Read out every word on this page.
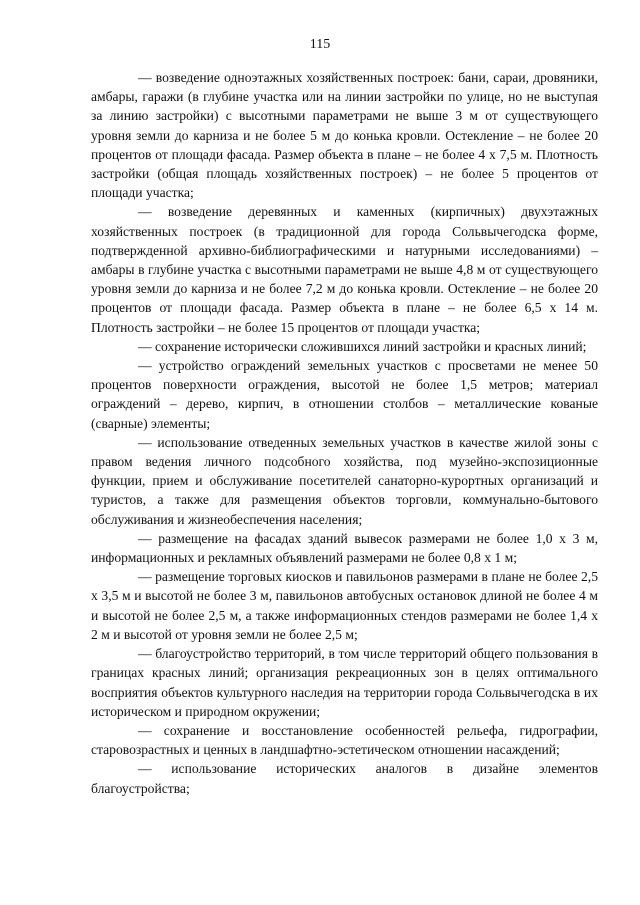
115

— возведение одноэтажных хозяйственных построек: бани, сараи, дровяники, амбары, гаражи (в глубине участка или на линии застройки по улице, но не выступая за линию застройки) с высотными параметрами не выше 3 м от существующего уровня земли до карниза и не более 5 м до конька кровли. Остекление – не более 20 процентов от площади фасада. Размер объекта в плане – не более 4 х 7,5 м. Плотность застройки (общая площадь хозяйственных построек) – не более 5 процентов от площади участка;

— возведение деревянных и каменных (кирпичных) двухэтажных хозяйственных построек (в традиционной для города Сольвычегодска форме, подтвержденной архивно-библиографическими и натурными исследованиями) – амбары в глубине участка с высотными параметрами не выше 4,8 м от существующего уровня земли до карниза и не более 7,2 м до конька кровли. Остекление – не более 20 процентов от площади фасада. Размер объекта в плане – не более 6,5 х 14 м. Плотность застройки – не более 15 процентов от площади участка;

— сохранение исторически сложившихся линий застройки и красных линий;

— устройство ограждений земельных участков с просветами не менее 50 процентов поверхности ограждения, высотой не более 1,5 метров; материал ограждений – дерево, кирпич, в отношении столбов – металлические кованые (сварные) элементы;

— использование отведенных земельных участков в качестве жилой зоны с правом ведения личного подсобного хозяйства, под музейно-экспозиционные функции, прием и обслуживание посетителей санаторно-курортных организаций и туристов, а также для размещения объектов торговли, коммунально-бытового обслуживания и жизнеобеспечения населения;

— размещение на фасадах зданий вывесок размерами не более 1,0 х 3 м, информационных и рекламных объявлений размерами не более 0,8 х 1 м;

— размещение торговых киосков и павильонов размерами в плане не более 2,5 х 3,5 м и высотой не более 3 м, павильонов автобусных остановок длиной не более 4 м и высотой не более 2,5 м, а также информационных стендов размерами не более 1,4 х 2 м и высотой от уровня земли не более 2,5 м;

— благоустройство территорий, в том числе территорий общего пользования в границах красных линий; организация рекреационных зон в целях оптимального восприятия объектов культурного наследия на территории города Сольвычегодска в их историческом и природном окружении;

— сохранение и восстановление особенностей рельефа, гидрографии, старовозрастных и ценных в ландшафтно-эстетическом отношении насаждений;

— использование исторических аналогов в дизайне элементов благоустройства;
